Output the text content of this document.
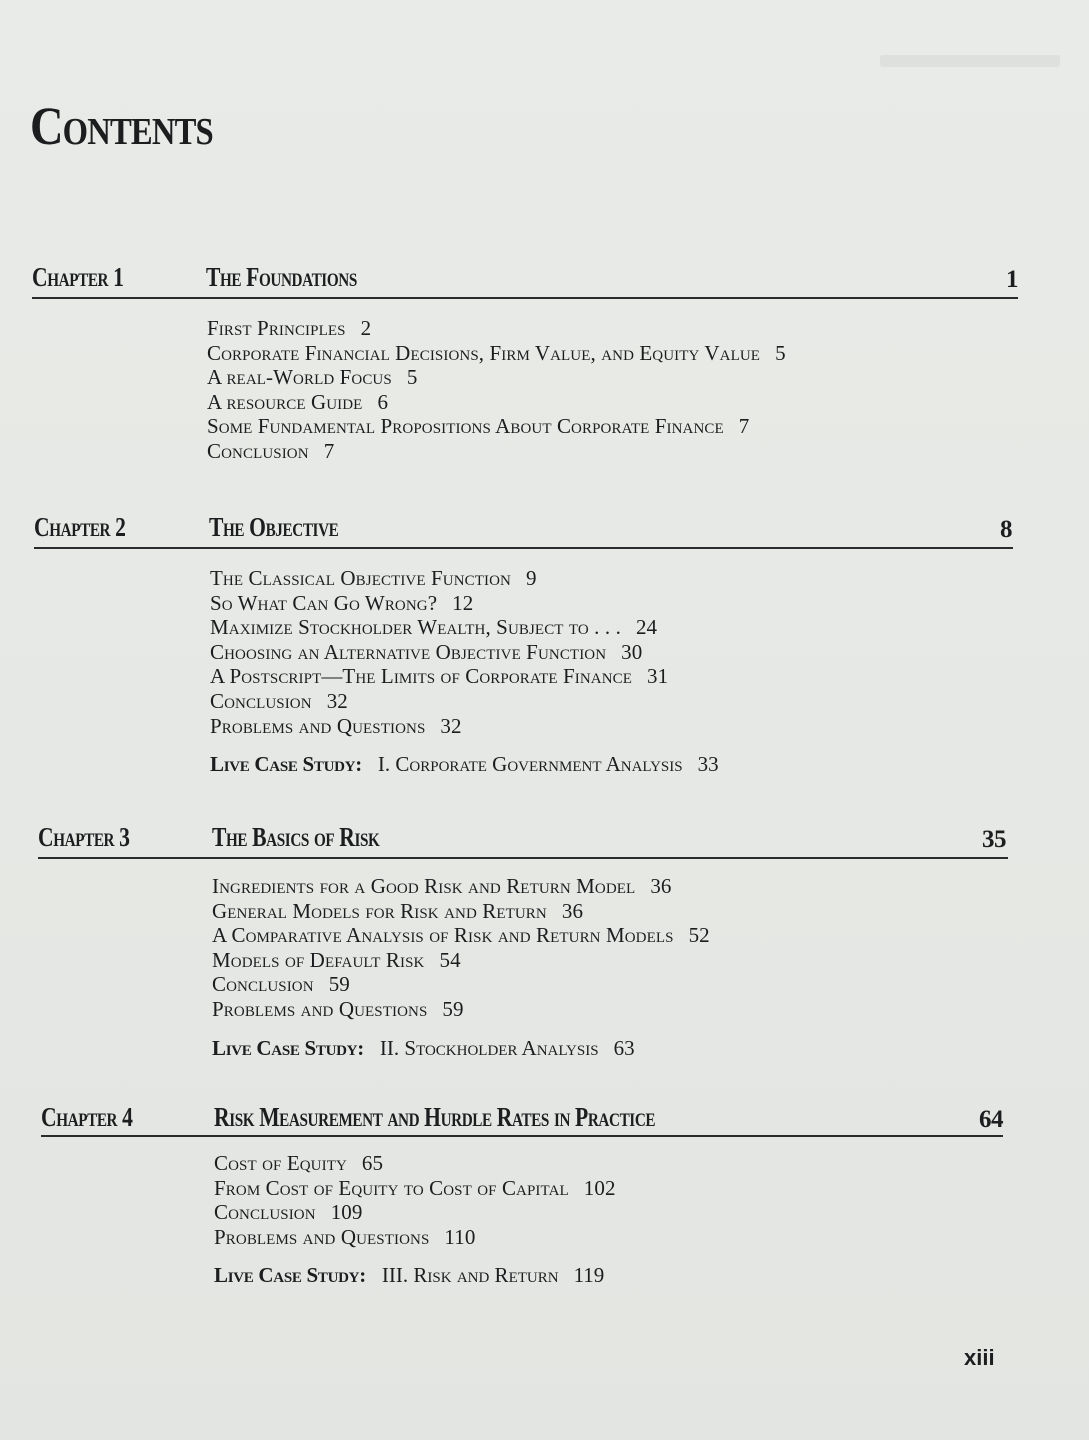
Contents
Chapter 1	The Foundations	1
First Principles 2
Corporate Financial Decisions, Firm Value, and Equity Value 5
A real-World Focus 5
A resource Guide 6
Some Fundamental Propositions About Corporate Finance 7
Conclusion 7
Chapter 2	The Objective	8
The Classical Objective Function 9
So What Can Go Wrong? 12
Maximize Stockholder Wealth, Subject to . . . 24
Choosing an Alternative Objective Function 30
A Postscript—The Limits of Corporate Finance 31
Conclusion 32
Problems and Questions 32
Live Case Study: I. Corporate Government Analysis 33
Chapter 3	The Basics of Risk	35
Ingredients for a Good Risk and Return Model 36
General Models for Risk and Return 36
A Comparative Analysis of Risk and Return Models 52
Models of Default Risk 54
Conclusion 59
Problems and Questions 59
Live Case Study: II. Stockholder Analysis 63
Chapter 4	Risk Measurement and Hurdle Rates in Practice	64
Cost of Equity 65
From Cost of Equity to Cost of Capital 102
Conclusion 109
Problems and Questions 110
Live Case Study: III. Risk and Return 119
xiii
